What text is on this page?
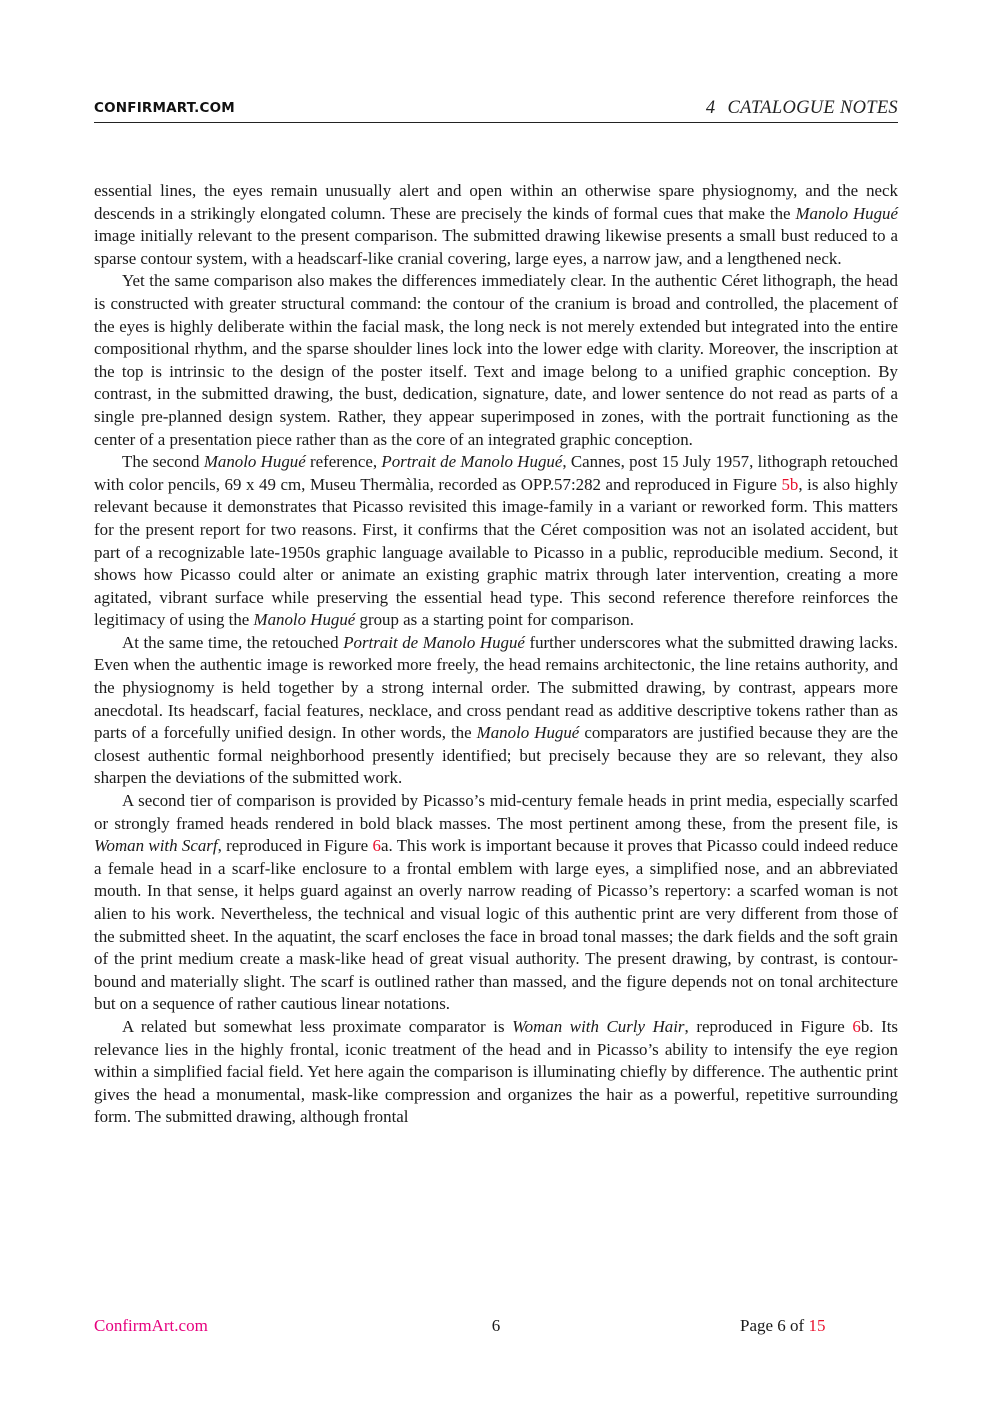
CONFIRMART.COM	4 CATALOGUE NOTES

essential lines, the eyes remain unusually alert and open within an otherwise spare physiognomy, and the neck descends in a strikingly elongated column. These are precisely the kinds of formal cues that make the Manolo Hugué image initially relevant to the present comparison. The submitted drawing likewise presents a small bust reduced to a sparse contour system, with a headscarf-like cranial covering, large eyes, a narrow jaw, and a lengthened neck.

Yet the same comparison also makes the differences immediately clear. In the authentic Céret lithograph, the head is constructed with greater structural command: the contour of the cranium is broad and controlled, the placement of the eyes is highly deliberate within the facial mask, the long neck is not merely extended but integrated into the entire compositional rhythm, and the sparse shoulder lines lock into the lower edge with clarity. Moreover, the inscription at the top is intrinsic to the design of the poster itself. Text and image belong to a unified graphic conception. By contrast, in the submitted drawing, the bust, dedication, signature, date, and lower sentence do not read as parts of a single pre-planned design system. Rather, they appear superimposed in zones, with the portrait functioning as the center of a presentation piece rather than as the core of an integrated graphic conception.

The second Manolo Hugué reference, Portrait de Manolo Hugué, Cannes, post 15 July 1957, lithograph retouched with color pencils, 69 x 49 cm, Museu Thermàlia, recorded as OPP.57:282 and reproduced in Figure 5b, is also highly relevant because it demonstrates that Picasso revisited this image-family in a variant or reworked form. This matters for the present report for two reasons. First, it confirms that the Céret composition was not an isolated accident, but part of a recognizable late-1950s graphic language available to Picasso in a public, reproducible medium. Second, it shows how Picasso could alter or animate an existing graphic matrix through later intervention, creating a more agitated, vibrant surface while preserving the essential head type. This second reference therefore reinforces the legitimacy of using the Manolo Hugué group as a starting point for comparison.

At the same time, the retouched Portrait de Manolo Hugué further underscores what the submitted drawing lacks. Even when the authentic image is reworked more freely, the head remains architectonic, the line retains authority, and the physiognomy is held together by a strong internal order. The submitted drawing, by contrast, appears more anecdotal. Its headscarf, facial features, necklace, and cross pendant read as additive descriptive tokens rather than as parts of a forcefully unified design. In other words, the Manolo Hugué comparators are justified because they are the closest authentic formal neighborhood presently identified; but precisely because they are so relevant, they also sharpen the deviations of the submitted work.

A second tier of comparison is provided by Picasso’s mid-century female heads in print media, especially scarfed or strongly framed heads rendered in bold black masses. The most pertinent among these, from the present file, is Woman with Scarf, reproduced in Figure 6a. This work is important because it proves that Picasso could indeed reduce a female head in a scarf-like enclosure to a frontal emblem with large eyes, a simplified nose, and an abbreviated mouth. In that sense, it helps guard against an overly narrow reading of Picasso’s repertory: a scarfed woman is not alien to his work. Nevertheless, the technical and visual logic of this authentic print are very different from those of the submitted sheet. In the aquatint, the scarf encloses the face in broad tonal masses; the dark fields and the soft grain of the print medium create a mask-like head of great visual authority. The present drawing, by contrast, is contour-bound and materially slight. The scarf is outlined rather than massed, and the figure depends not on tonal architecture but on a sequence of rather cautious linear notations.

A related but somewhat less proximate comparator is Woman with Curly Hair, reproduced in Figure 6b. Its relevance lies in the highly frontal, iconic treatment of the head and in Picasso’s ability to intensify the eye region within a simplified facial field. Yet here again the comparison is illuminating chiefly by difference. The authentic print gives the head a monumental, mask-like compression and organizes the hair as a powerful, repetitive surrounding form. The submitted drawing, although frontal

ConfirmArt.com	6	Page 6 of 15
